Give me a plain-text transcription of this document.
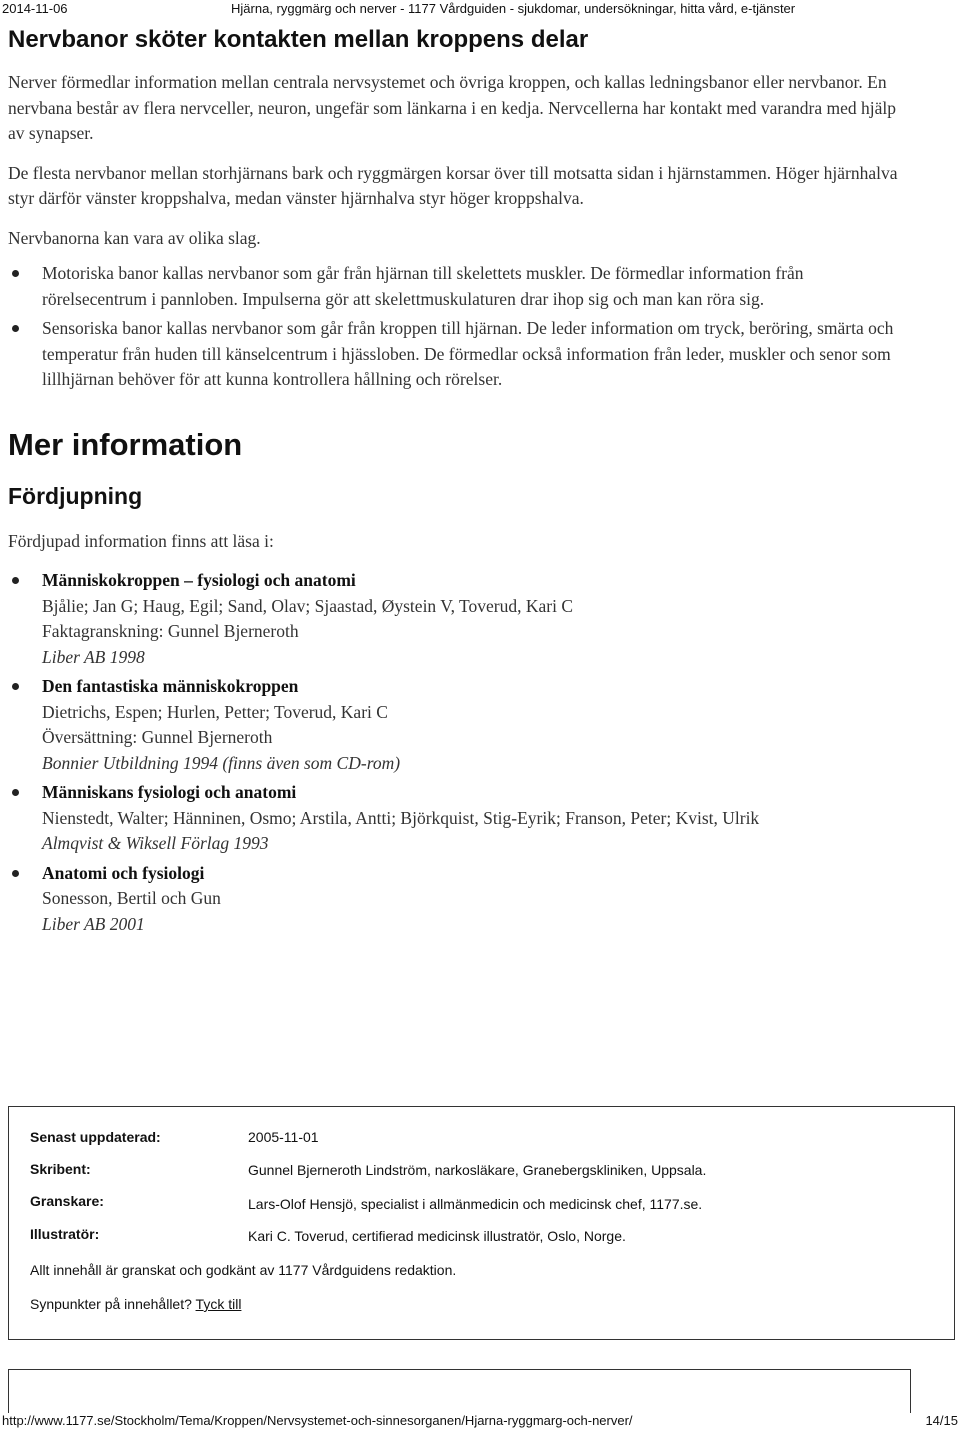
2014-11-06	Hjärna, ryggmärg och nerver - 1177 Vårdguiden - sjukdomar, undersökningar, hitta vård, e-tjänster
Nervbanor sköter kontakten mellan kroppens delar

Nerver förmedlar information mellan centrala nervsystemet och övriga kroppen, och kallas ledningsbanor eller nervbanor. En nervbana består av flera nervceller, neuron, ungefär som länkarna i en kedja. Nervcellerna har kontakt med varandra med hjälp av synapser.

De flesta nervbanor mellan storhjärnans bark och ryggmärgen korsar över till motsatta sidan i hjärnstammen. Höger hjärnhalva styr därför vänster kroppshalva, medan vänster hjärnhalva styr höger kroppshalva.

Nervbanorna kan vara av olika slag.

Motoriska banor kallas nervbanor som går från hjärnan till skelettets muskler. De förmedlar information från rörelsecentrum i pannloben. Impulserna gör att skelettmuskulaturen drar ihop sig och man kan röra sig.
Sensoriska banor kallas nervbanor som går från kroppen till hjärnan. De leder information om tryck, beröring, smärta och temperatur från huden till känselcentrum i hjässloben. De förmedlar också information från leder, muskler och senor som lillhjärnan behöver för att kunna kontrollera hållning och rörelser.
Mer information
Fördjupning

Fördjupad information finns att läsa i:

Människokroppen – fysiologi och anatomi
Bjålie; Jan G; Haug, Egil; Sand, Olav; Sjaastad, Øystein V, Toverud, Kari C
Faktagranskning: Gunnel Bjerneroth
Liber AB 1998
Den fantastiska människokroppen
Dietrichs, Espen; Hurlen, Petter; Toverud, Kari C
Översättning: Gunnel Bjerneroth
Bonnier Utbildning 1994 (finns även som CD-rom)
Människans fysiologi och anatomi
Nienstedt, Walter; Hänninen, Osmo; Arstila, Antti; Björkquist, Stig-Eyrik; Franson, Peter; Kvist, Ulrik
Almqvist & Wiksell Förlag 1993
Anatomi och fysiologi
Sonesson, Bertil och Gun
Liber AB 2001
Senast uppdaterad:	2005-11-01
Skribent:	Gunnel Bjerneroth Lindström, narkosläkare, Granebergskliniken, Uppsala.
Granskare:	Lars-Olof Hensjö, specialist i allmänmedicin och medicinsk chef, 1177.se.
Illustratör:	Kari C. Toverud, certifierad medicinsk illustratör, Oslo, Norge.
Allt innehåll är granskat och godkänt av 1177 Vårdguidens redaktion.
Synpunkter på innehållet? Tyck till
http://www.1177.se/Stockholm/Tema/Kroppen/Nervsystemet-och-sinnesorganen/Hjarna-ryggmarg-och-nerver/	14/15
